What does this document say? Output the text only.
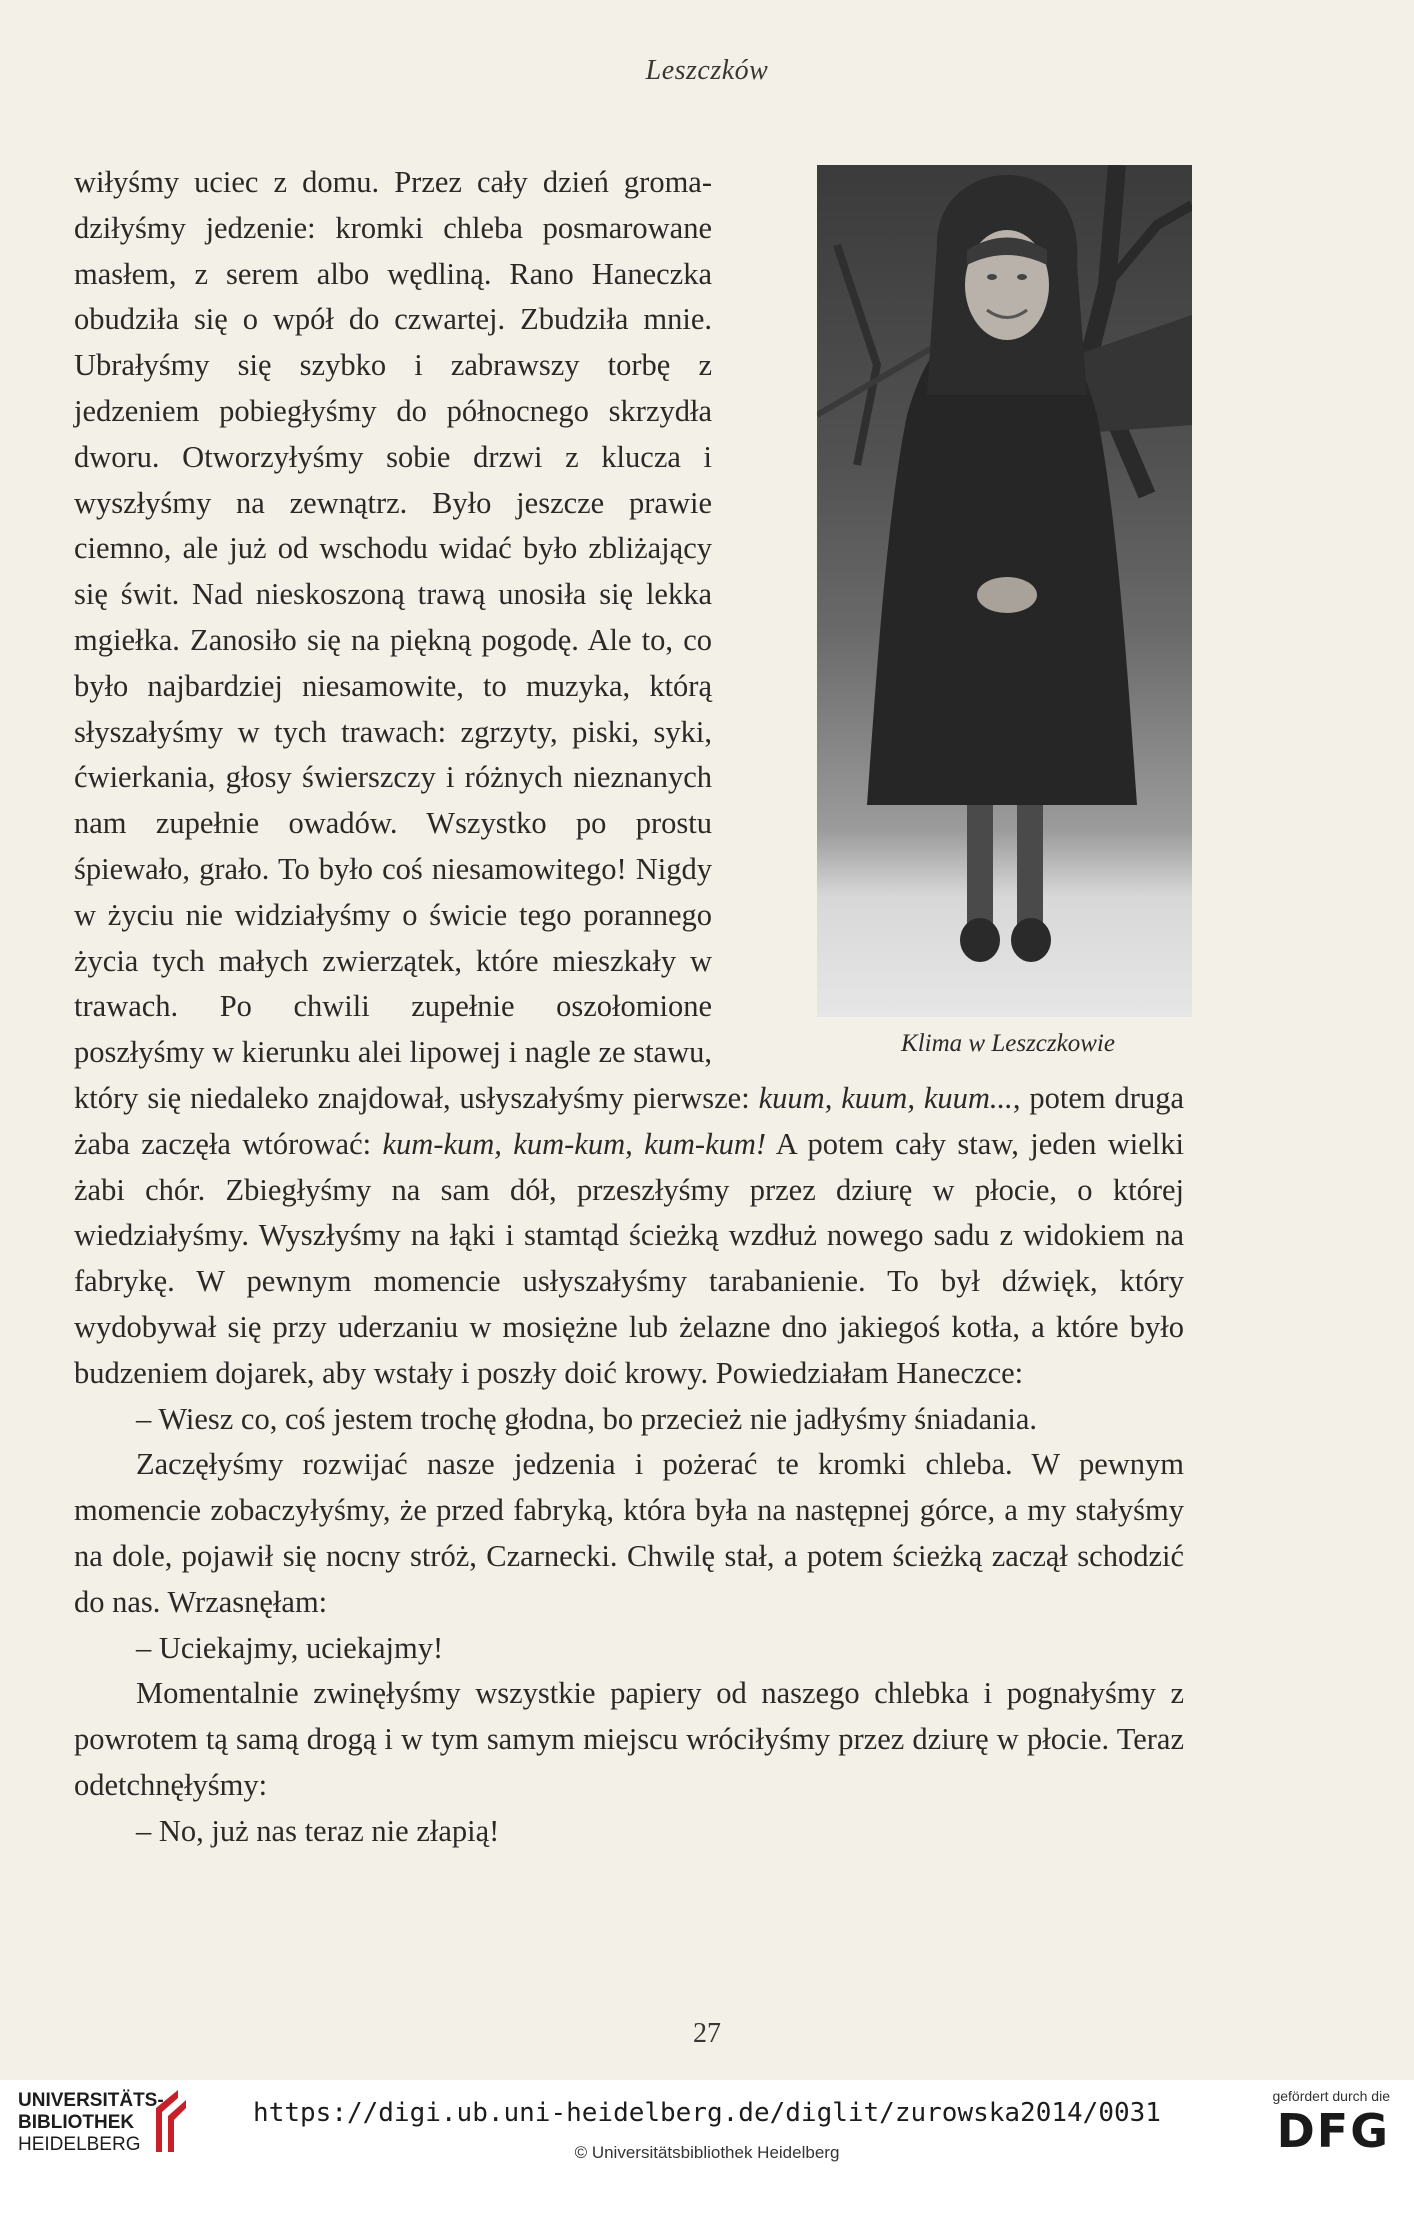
Leszczków
Klima w Leszczkowie

wiłyśmy uciec z domu. Przez cały dzień groma-dziłyśmy jedzenie: kromki chleba posmarowane masłem, z serem albo wędliną. Rano Haneczka obudziła się o wpół do czwartej. Zbudziła mnie. Ubrałyśmy się szybko i zabrawszy torbę z jedzeniem pobiegłyśmy do północnego skrzydła dworu. Otworzyłyśmy sobie drzwi z klucza i wyszłyśmy na zewnątrz. Było jeszcze prawie ciemno, ale już od wschodu widać było zbliżający się świt. Nad nieskoszoną trawą unosiła się lekka mgiełka. Zanosiło się na piękną pogodę. Ale to, co było najbardziej niesamowite, to muzyka, którą słyszałyśmy w tych trawach: zgrzyty, piski, syki, ćwierkania, głosy świerszczy i różnych nieznanych nam zupełnie owadów. Wszystko po prostu śpiewało, grało. To było coś niesamowitego! Nigdy w życiu nie widziałyśmy o świcie tego porannego życia tych małych zwierzątek, które mieszkały w trawach. Po chwili zupełnie oszołomione poszłyśmy w kierunku alei lipowej i nagle ze stawu, który się niedaleko znajdował, usłyszałyśmy pierwsze: kuum, kuum, kuum..., potem druga żaba zaczęła wtórować: kum-kum, kum-kum, kum-kum! A potem cały staw, jeden wielki żabi chór. Zbiegłyśmy na sam dół, przeszłyśmy przez dziurę w płocie, o której wiedziałyśmy. Wyszłyśmy na łąki i stamtąd ścieżką wzdłuż nowego sadu z widokiem na fabrykę. W pewnym momencie usłyszałyśmy tarabanienie. To był dźwięk, który wydobywał się przy uderzaniu w mosiężne lub żelazne dno jakiegoś kotła, a które było budzeniem dojarek, aby wstały i poszły doić krowy. Powiedziałam Haneczce:

– Wiesz co, coś jestem trochę głodna, bo przecież nie jadłyśmy śniadania.

Zaczęłyśmy rozwijać nasze jedzenia i pożerać te kromki chleba. W pewnym momencie zobaczyłyśmy, że przed fabryką, która była na następnej górce, a my stałyśmy na dole, pojawił się nocny stróż, Czarnecki. Chwilę stał, a potem ścieżką zaczął schodzić do nas. Wrzasnęłam:

– Uciekajmy, uciekajmy!

Momentalnie zwinęłyśmy wszystkie papiery od naszego chlebka i pognałyśmy z powrotem tą samą drogą i w tym samym miejscu wróciłyśmy przez dziurę w płocie. Teraz odetchnęłyśmy:

– No, już nas teraz nie złapią!

27
UNIVERSITÄTS-
BIBLIOTHEK
HEIDELBERG
https://digi.ub.uni-heidelberg.de/diglit/zurowska2014/0031
© Universitätsbibliothek Heidelberg
gefördert durch die
DFG
